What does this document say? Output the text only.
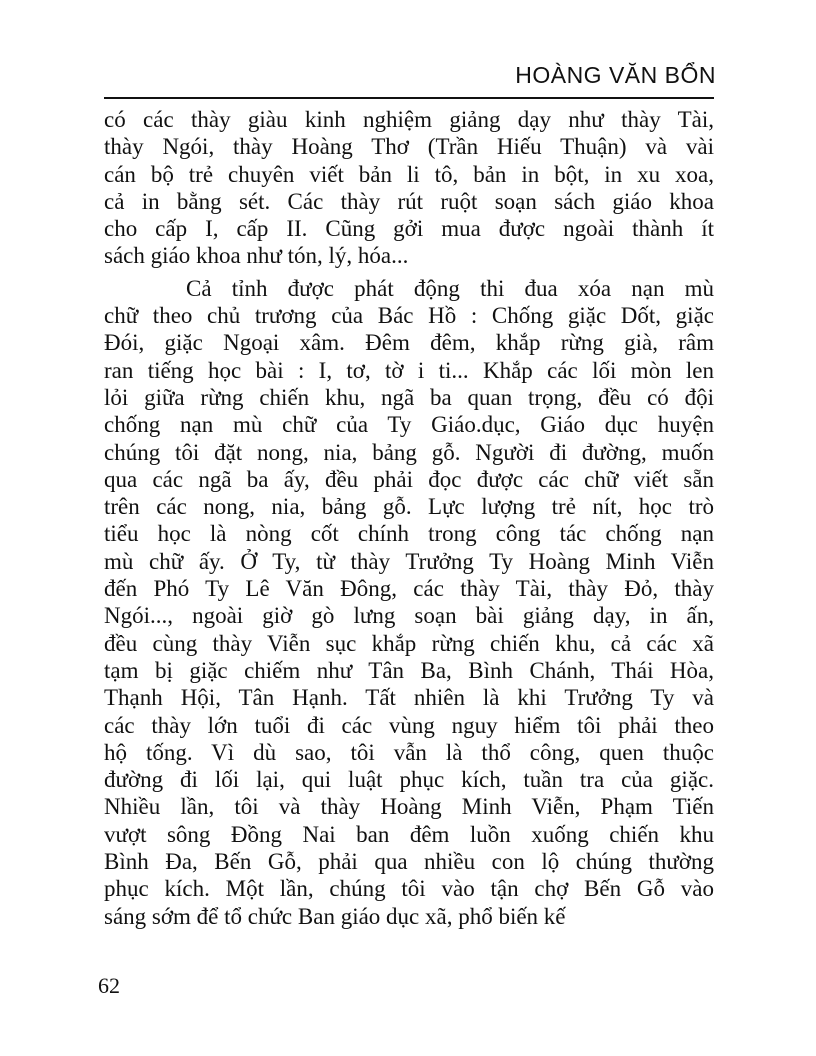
HOÀNG VĂN BỔN
có các thày giàu kinh nghiệm giảng dạy như thày Tài,
thày Ngói, thày Hoàng Thơ (Trần Hiếu Thuận) và vài
cán bộ trẻ chuyên viết bản li tô, bản in bột, in xu xoa,
cả in bằng sét. Các thày rút ruột soạn sách giáo khoa
cho cấp I, cấp II. Cũng gởi mua được ngoài thành ít
sách giáo khoa như tón, lý, hóa...
Cả tỉnh được phát động thi đua xóa nạn mù
chữ theo chủ trương của Bác Hồ : Chống giặc Dốt, giặc
Đói, giặc Ngoại xâm. Đêm đêm, khắp rừng già, râm
ran tiếng học bài : I, tơ, tờ i ti... Khắp các lối mòn len
lỏi giữa rừng chiến khu, ngã ba quan trọng, đều có đội
chống nạn mù chữ của Ty Giáo.dục, Giáo dục huyện
chúng tôi đặt nong, nia, bảng gỗ. Người đi đường, muốn
qua các ngã ba ấy, đều phải đọc được các chữ viết sẵn
trên các nong, nia, bảng gỗ. Lực lượng trẻ nít, học trò
tiểu học là nòng cốt chính trong công tác chống nạn
mù chữ ấy. Ở Ty, từ thày Trưởng Ty Hoàng Minh Viễn
đến Phó Ty Lê Văn Đông, các thày Tài, thày Đỏ, thày
Ngói..., ngoài giờ gò lưng soạn bài giảng dạy, in ấn,
đều cùng thày Viễn sục khắp rừng chiến khu, cả các xã
tạm bị giặc chiếm như Tân Ba, Bình Chánh, Thái Hòa,
Thạnh Hội, Tân Hạnh. Tất nhiên là khi Trưởng Ty và
các thày lớn tuổi đi các vùng nguy hiểm tôi phải theo
hộ tống. Vì dù sao, tôi vẫn là thổ công, quen thuộc
đường đi lối lại, qui luật phục kích, tuần tra của giặc.
Nhiều lần, tôi và thày Hoàng Minh Viễn, Phạm Tiến
vượt sông Đồng Nai ban đêm luồn xuống chiến khu
Bình Đa, Bến Gỗ, phải qua nhiều con lộ chúng thường
phục kích. Một lần, chúng tôi vào tận chợ Bến Gỗ vào
sáng sớm để tổ chức Ban giáo dục xã, phổ biến kế
62
